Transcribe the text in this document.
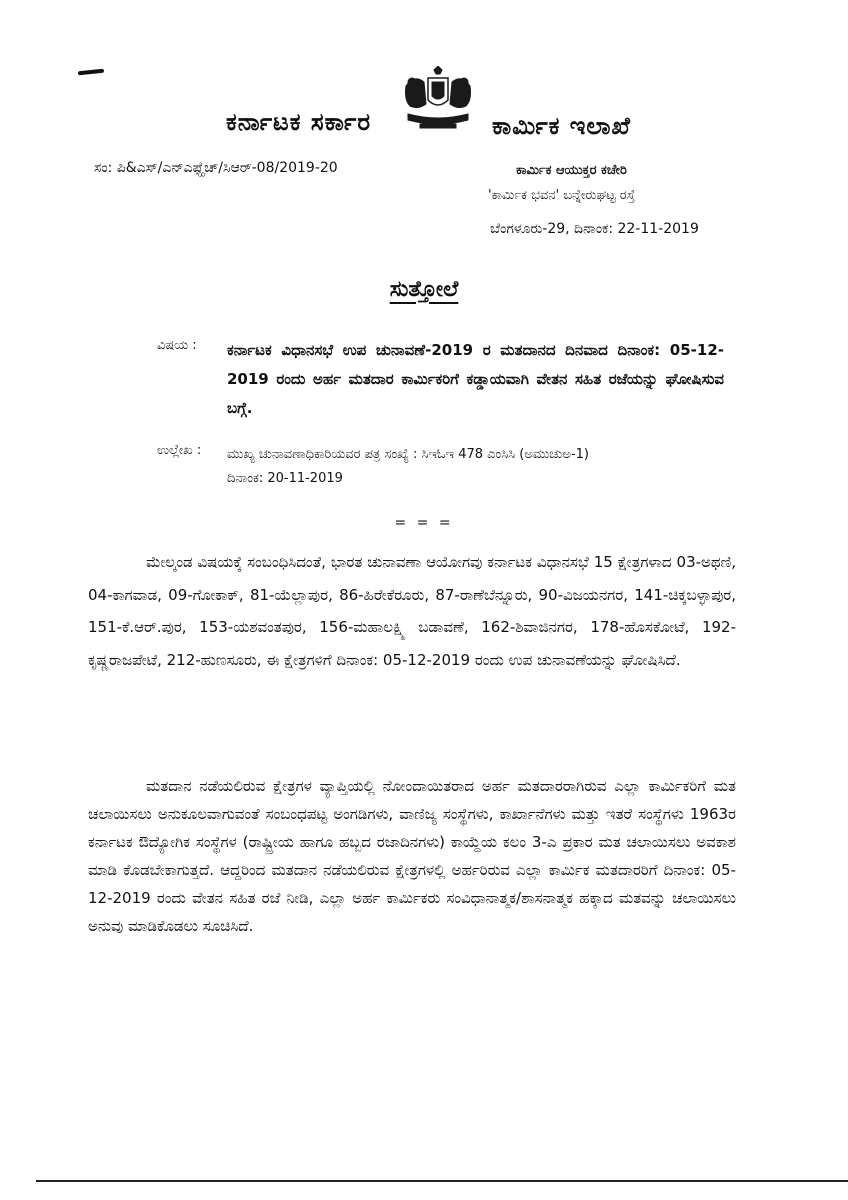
ಕರ್ನಾಟಕ ಸರ್ಕಾರ	ಕಾರ್ಮಿಕ ಇಲಾಖೆ
ಸಂ: ಪಿ&ಎಸ್/ಎನ್ಎಫ್ಹೆಚ್/ಸಿಆರ್-08/2019-20	ಕಾರ್ಮಿಕ ಆಯುಕ್ತರ ಕಚೇರಿ
'ಕಾರ್ಮಿಕ ಭವನ' ಬನ್ನೇರುಘಟ್ಟ ರಸ್ತೆ
ಬೆಂಗಳೂರು-29, ದಿನಾಂಕ: 22-11-2019
ಸುತ್ತೋಲೆ
ವಿಷಯ : ಕರ್ನಾಟಕ ವಿಧಾನಸಭೆ ಉಪ ಚುನಾವಣೆ-2019 ರ ಮತದಾನದ ದಿನವಾದ ದಿನಾಂಕ: 05-12-2019 ರಂದು ಅರ್ಹ ಮತದಾರ ಕಾರ್ಮಿಕರಿಗೆ ಕಡ್ಡಾಯವಾಗಿ ವೇತನ ಸಹಿತ ರಜೆಯನ್ನು ಘೋಷಿಸುವ ಬಗ್ಗೆ.
ಉಲ್ಲೇಖ : ಮುಖ್ಯ ಚುನಾವಣಾಧಿಕಾರಿಯವರ ಪತ್ರ ಸಂಖ್ಯೆ : ಸಿಇಓಇ 478 ಎಂಸಿಸಿ (ಅಮುಚುಅ-1)
ದಿನಾಂಕ: 20-11-2019
= = =

ಮೇಲ್ಕಂಡ ವಿಷಯಕ್ಕೆ ಸಂಬಂಧಿಸಿದಂತೆ, ಭಾರತ ಚುನಾವಣಾ ಆಯೋಗವು ಕರ್ನಾಟಕ ವಿಧಾನಸಭೆ 15 ಕ್ಷೇತ್ರಗಳಾದ 03-ಅಥಣಿ, 04-ಕಾಗವಾಡ, 09-ಗೋಕಾಕ್, 81-ಯೆಲ್ಲಾಪುರ, 86-ಹಿರೇಕೆರೂರು, 87-ರಾಣೆಬೆನ್ನೂರು, 90-ವಿಜಯನಗರ, 141-ಚಿಕ್ಕಬಳ್ಳಾಪುರ, 151-ಕೆ.ಆರ್.ಪುರ, 153-ಯಶವಂತಪುರ, 156-ಮಹಾಲಕ್ಷ್ಮಿ ಬಡಾವಣೆ, 162-ಶಿವಾಜಿನಗರ, 178-ಹೊಸಕೋಟೆ, 192-ಕೃಷ್ಣರಾಜಪೇಟೆ, 212-ಹುಣಸೂರು, ಈ ಕ್ಷೇತ್ರಗಳಿಗೆ ದಿನಾಂಕ: 05-12-2019 ರಂದು ಉಪ ಚುನಾವಣೆಯನ್ನು ಘೋಷಿಸಿದೆ.

ಮತದಾನ ನಡೆಯಲಿರುವ ಕ್ಷೇತ್ರಗಳ ವ್ಯಾಪ್ತಿಯಲ್ಲಿ ನೋಂದಾಯಿತರಾದ ಅರ್ಹ ಮತದಾರರಾಗಿರುವ ಎಲ್ಲಾ ಕಾರ್ಮಿಕರಿಗೆ ಮತ ಚಲಾಯಿಸಲು ಅನುಕೂಲವಾಗುವಂತೆ ಸಂಬಂಧಪಟ್ಟ ಅಂಗಡಿಗಳು, ವಾಣಿಜ್ಯ ಸಂಸ್ಥೆಗಳು, ಕಾರ್ಖಾನೆಗಳು ಮತ್ತು ಇತರೆ ಸಂಸ್ಥೆಗಳು 1963ರ ಕರ್ನಾಟಕ ಔದ್ಯೋಗಿಕ ಸಂಸ್ಥೆಗಳ (ರಾಷ್ಟ್ರೀಯ ಹಾಗೂ ಹಬ್ಬದ ರಜಾದಿನಗಳು) ಕಾಯ್ದೆಯ ಕಲಂ 3-ಎ ಪ್ರಕಾರ ಮತ ಚಲಾಯಿಸಲು ಅವಕಾಶ ಮಾಡಿ ಕೊಡಬೇಕಾಗುತ್ತದೆ. ಆದ್ದರಿಂದ ಮತದಾನ ನಡೆಯಲಿರುವ ಕ್ಷೇತ್ರಗಳಲ್ಲಿ ಅರ್ಹರಿರುವ ಎಲ್ಲಾ ಕಾರ್ಮಿಕ ಮತದಾರರಿಗೆ ದಿನಾಂಕ: 05-12-2019 ರಂದು ವೇತನ ಸಹಿತ ರಜೆ ನೀಡಿ, ಎಲ್ಲಾ ಅರ್ಹ ಕಾರ್ಮಿಕರು ಸಂವಿಧಾನಾತ್ಮಕ/ಶಾಸನಾತ್ಮಕ ಹಕ್ಕಾದ ಮತವನ್ನು ಚಲಾಯಿಸಲು ಅನುವು ಮಾಡಿಕೊಡಲು ಸೂಚಿಸಿದೆ.
